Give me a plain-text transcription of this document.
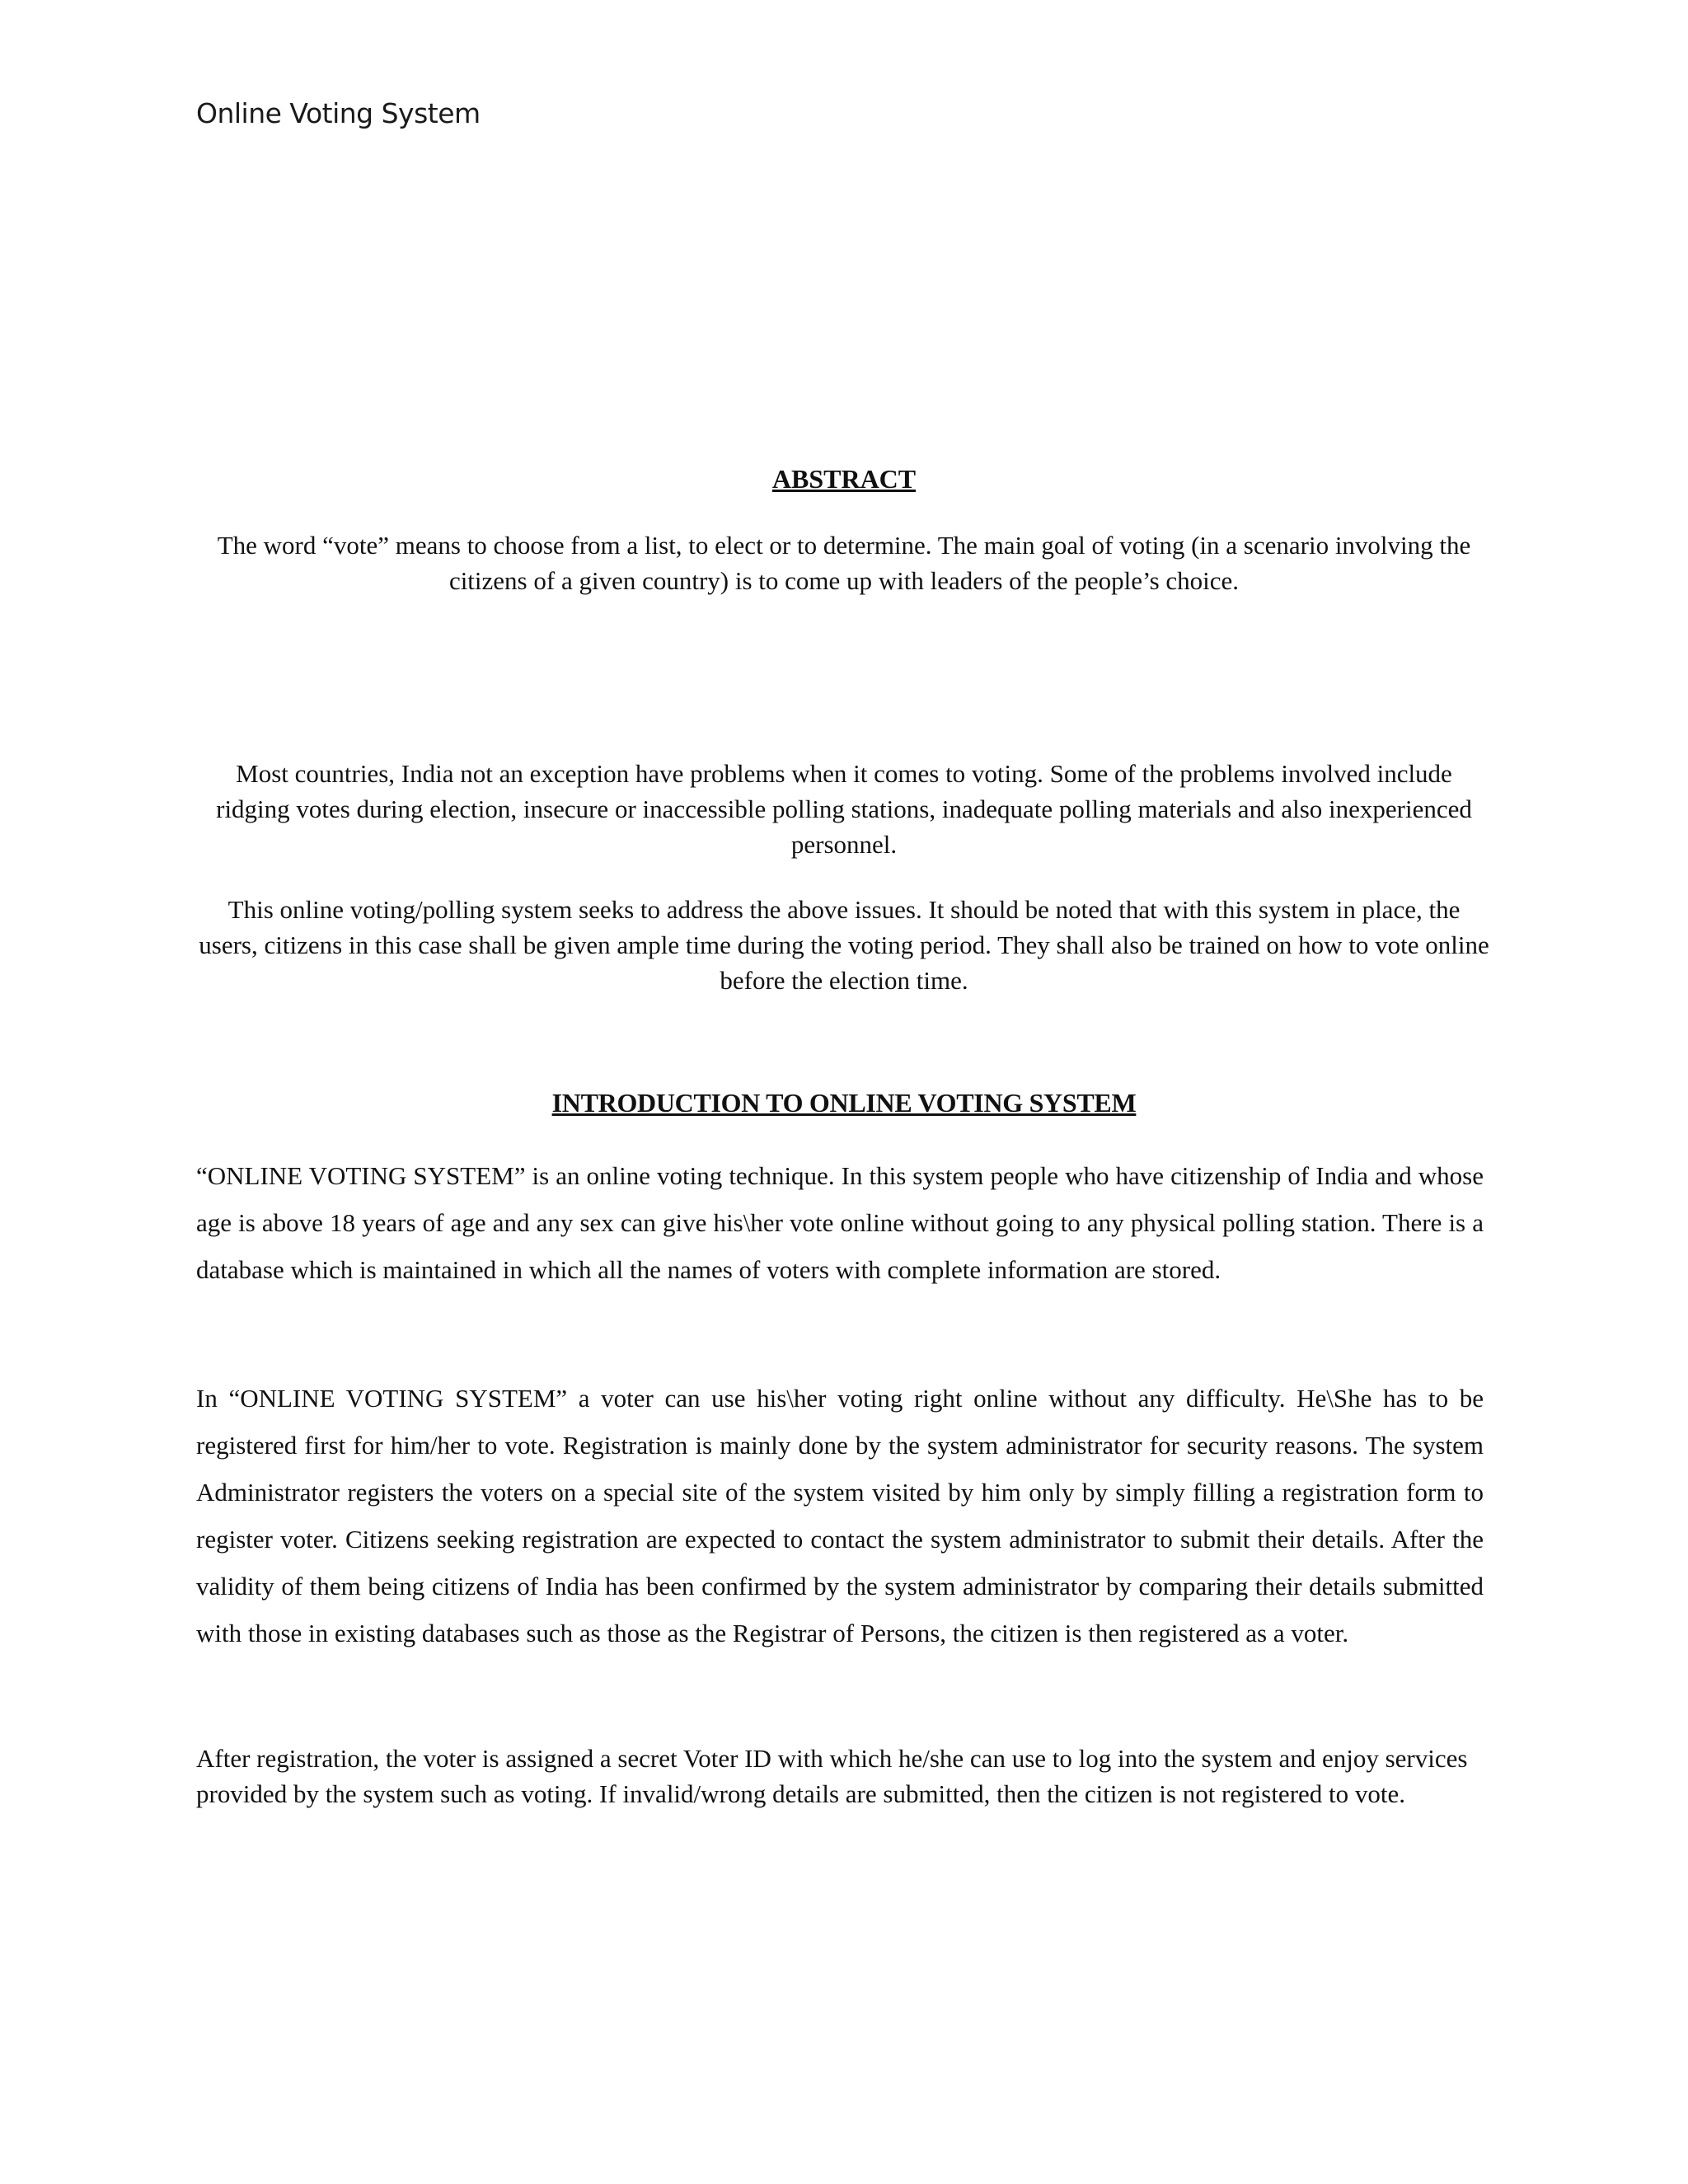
Online Voting System
ABSTRACT
The word “vote” means to choose from a list, to elect or to determine. The main goal of voting (in a scenario involving the citizens of a given country) is to come up with leaders of the people’s choice.
Most countries, India not an exception have problems when it comes to voting. Some of the problems involved include ridging votes during election, insecure or inaccessible polling stations, inadequate polling materials and also inexperienced personnel.
This online voting/polling system seeks to address the above issues. It should be noted that with this system in place, the users, citizens in this case shall be given ample time during the voting period. They shall also be trained on how to vote online before the election time.
INTRODUCTION TO ONLINE VOTING SYSTEM
“ONLINE VOTING SYSTEM” is an online voting technique. In this system people who have citizenship of India and whose age is above 18 years of age and any sex can give his\her vote online without going to any physical polling station. There is a database which is maintained in which all the names of voters with complete information are stored.
In “ONLINE VOTING SYSTEM” a voter can use his\her voting right online without any difficulty. He\She has to be registered first for him/her to vote. Registration is mainly done by the system administrator for security reasons. The system Administrator registers the voters on a special site of the system visited by him only by simply filling a registration form to register voter. Citizens seeking registration are expected to contact the system administrator to submit their details. After the validity of them being citizens of India has been confirmed by the system administrator by comparing their details submitted with those in existing databases such as those as the Registrar of Persons, the citizen is then registered as a voter.
After registration, the voter is assigned a secret Voter ID with which he/she can use to log into the system and enjoy services provided by the system such as voting. If invalid/wrong details are submitted, then the citizen is not registered to vote.
